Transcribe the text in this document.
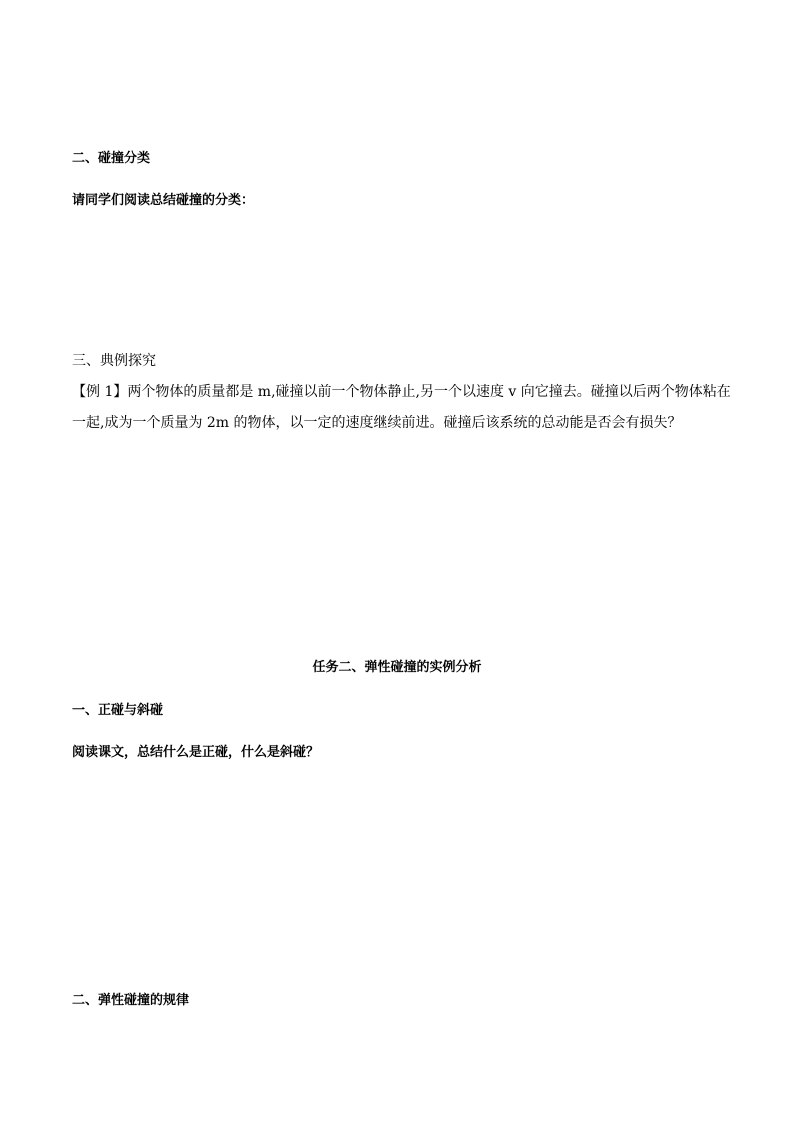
二、碰撞分类
请同学们阅读总结碰撞的分类：
三、典例探究
【例 1】两个物体的质量都是 m,碰撞以前一个物体静止,另一个以速度 v 向它撞去。碰撞以后两个物体粘在
一起,成为一个质量为 2m 的物体，以一定的速度继续前进。碰撞后该系统的总动能是否会有损失？
任务二、弹性碰撞的实例分析
一、正碰与斜碰
阅读课文，总结什么是正碰，什么是斜碰？
二、弹性碰撞的规律
